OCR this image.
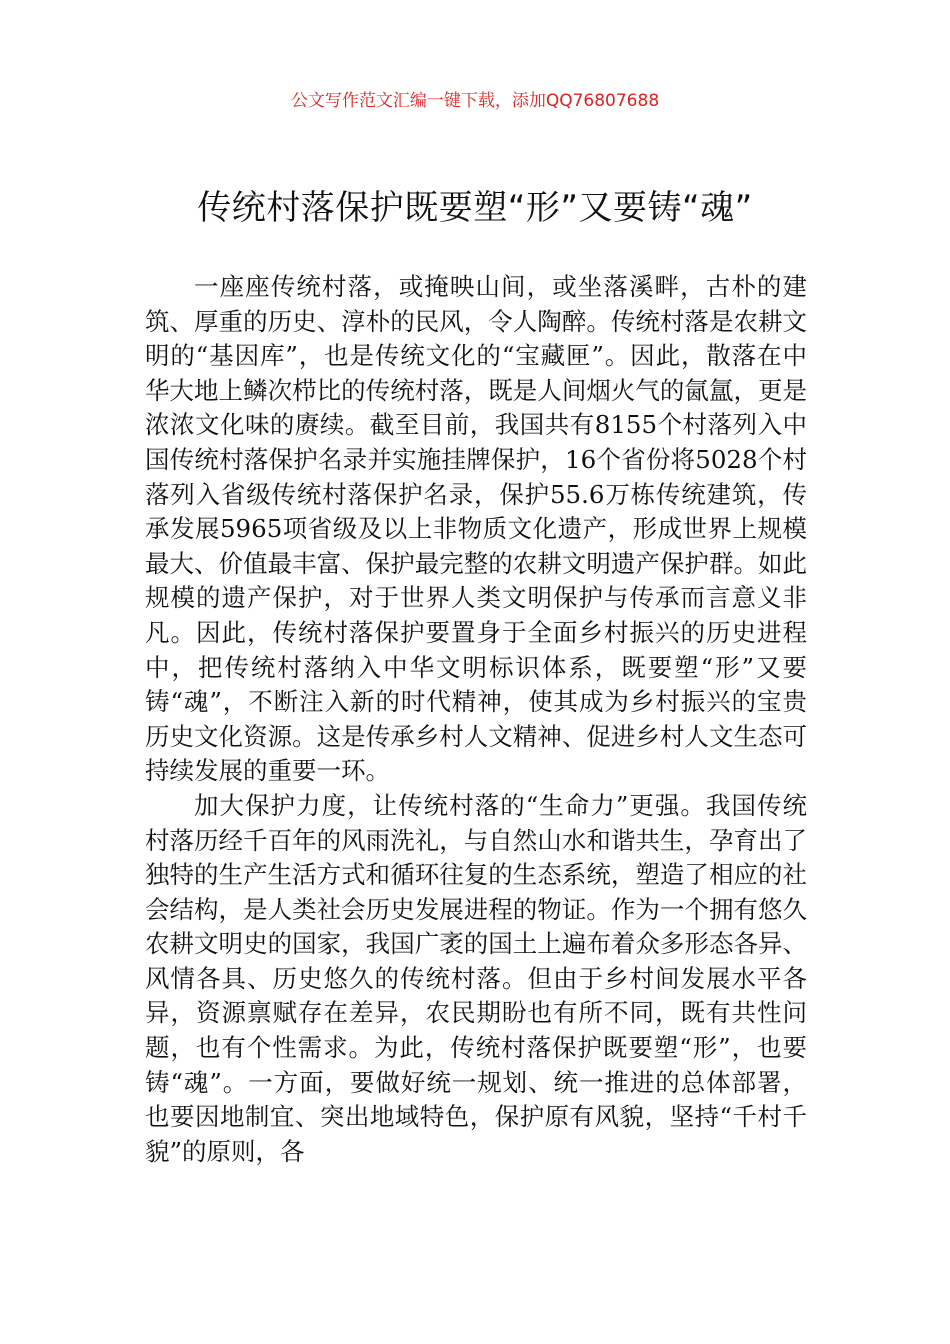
公文写作范文汇编一键下载，添加QQ76807688
传统村落保护既要塑“形”又要铸“魂”

一座座传统村落，或掩映山间，或坐落溪畔，古朴的建筑、厚重的历史、淳朴的民风，令人陶醉。传统村落是农耕文明的“基因库”，也是传统文化的“宝藏匣”。因此，散落在中华大地上鳞次栉比的传统村落，既是人间烟火气的氤氲，更是浓浓文化味的赓续。截至目前，我国共有8155个村落列入中国传统村落保护名录并实施挂牌保护，16个省份将5028个村落列入省级传统村落保护名录，保护55.6万栋传统建筑，传承发展5965项省级及以上非物质文化遗产，形成世界上规模最大、价值最丰富、保护最完整的农耕文明遗产保护群。如此规模的遗产保护，对于世界人类文明保护与传承而言意义非凡。因此，传统村落保护要置身于全面乡村振兴的历史进程中，把传统村落纳入中华文明标识体系，既要塑“形”又要铸“魂”，不断注入新的时代精神，使其成为乡村振兴的宝贵历史文化资源。这是传承乡村人文精神、促进乡村人文生态可持续发展的重要一环。

加大保护力度，让传统村落的“生命力”更强。我国传统村落历经千百年的风雨洗礼，与自然山水和谐共生，孕育出了独特的生产生活方式和循环往复的生态系统，塑造了相应的社会结构，是人类社会历史发展进程的物证。作为一个拥有悠久农耕文明史的国家，我国广袤的国土上遍布着众多形态各异、风情各具、历史悠久的传统村落。但由于乡村间发展水平各异，资源禀赋存在差异，农民期盼也有所不同，既有共性问题，也有个性需求。为此，传统村落保护既要塑“形”，也要铸“魂”。一方面，要做好统一规划、统一推进的总体部署，也要因地制宜、突出地域特色，保护原有风貌，坚持“千村千貌”的原则，各
